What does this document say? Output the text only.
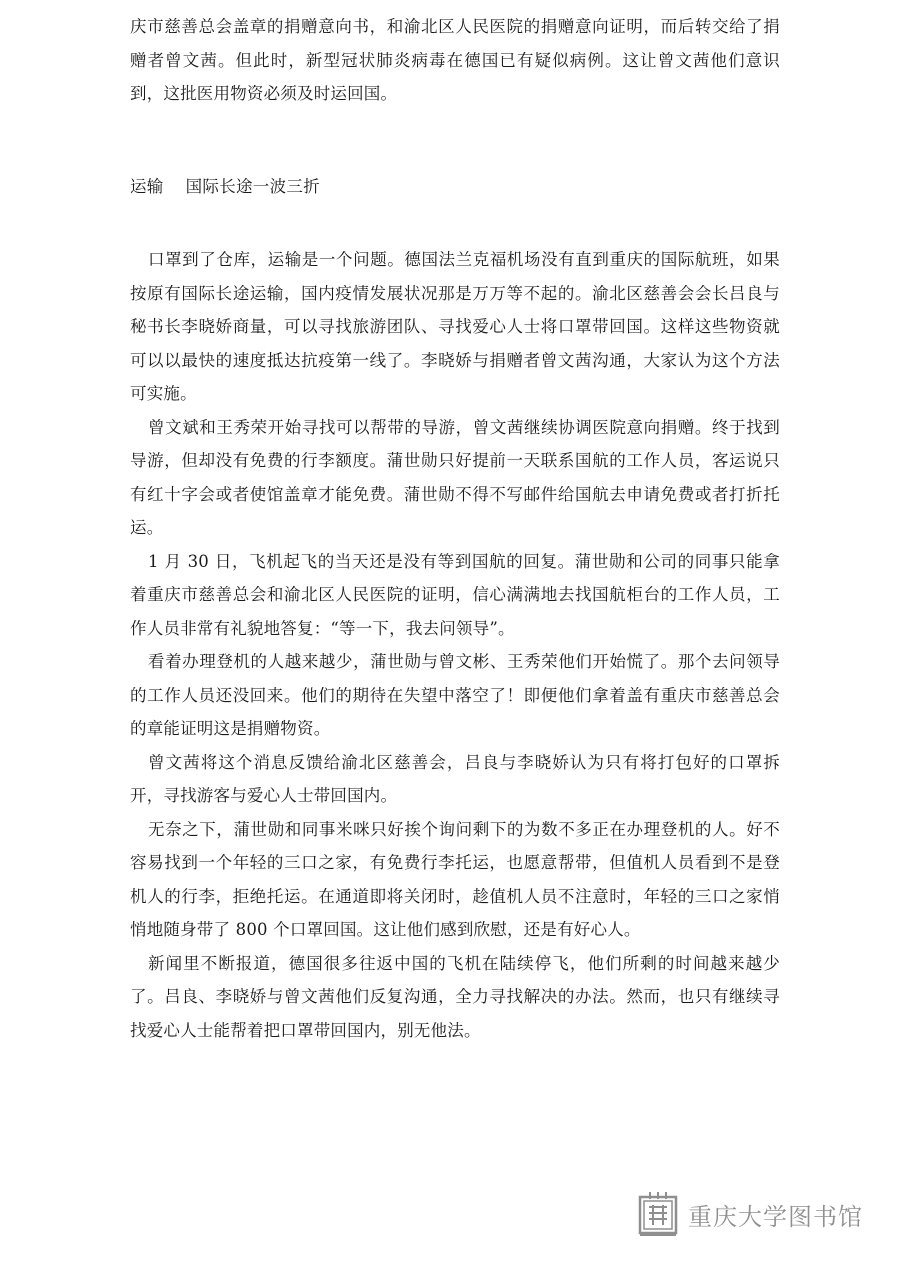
庆市慈善总会盖章的捐赠意向书，和渝北区人民医院的捐赠意向证明，而后转交给了捐赠者曾文茜。但此时，新型冠状肺炎病毒在德国已有疑似病例。这让曾文茜他们意识到，这批医用物资必须及时运回国。

运输 国际长途一波三折

口罩到了仓库，运输是一个问题。德国法兰克福机场没有直到重庆的国际航班，如果按原有国际长途运输，国内疫情发展状况那是万万等不起的。渝北区慈善会会长吕良与秘书长李晓娇商量，可以寻找旅游团队、寻找爱心人士将口罩带回国。这样这些物资就可以以最快的速度抵达抗疫第一线了。李晓娇与捐赠者曾文茜沟通，大家认为这个方法可实施。

曾文斌和王秀荣开始寻找可以帮带的导游，曾文茜继续协调医院意向捐赠。终于找到导游，但却没有免费的行李额度。蒲世勋只好提前一天联系国航的工作人员，客运说只有红十字会或者使馆盖章才能免费。蒲世勋不得不写邮件给国航去申请免费或者打折托运。

1 月 30 日，飞机起飞的当天还是没有等到国航的回复。蒲世勋和公司的同事只能拿着重庆市慈善总会和渝北区人民医院的证明，信心满满地去找国航柜台的工作人员，工作人员非常有礼貌地答复：“等一下，我去问领导”。

看着办理登机的人越来越少，蒲世勋与曾文彬、王秀荣他们开始慌了。那个去问领导的工作人员还没回来。他们的期待在失望中落空了！即便他们拿着盖有重庆市慈善总会的章能证明这是捐赠物资。

曾文茜将这个消息反馈给渝北区慈善会，吕良与李晓娇认为只有将打包好的口罩拆开，寻找游客与爱心人士带回国内。

无奈之下，蒲世勋和同事米咪只好挨个询问剩下的为数不多正在办理登机的人。好不容易找到一个年轻的三口之家，有免费行李托运，也愿意帮带，但值机人员看到不是登机人的行李，拒绝托运。在通道即将关闭时，趁值机人员不注意时，年轻的三口之家悄悄地随身带了 800 个口罩回国。这让他们感到欣慰，还是有好心人。

新闻里不断报道，德国很多往返中国的飞机在陆续停飞，他们所剩的时间越来越少了。吕良、李晓娇与曾文茜他们反复沟通，全力寻找解决的办法。然而，也只有继续寻找爱心人士能帮着把口罩带回国内，别无他法。

重庆大学图书馆
